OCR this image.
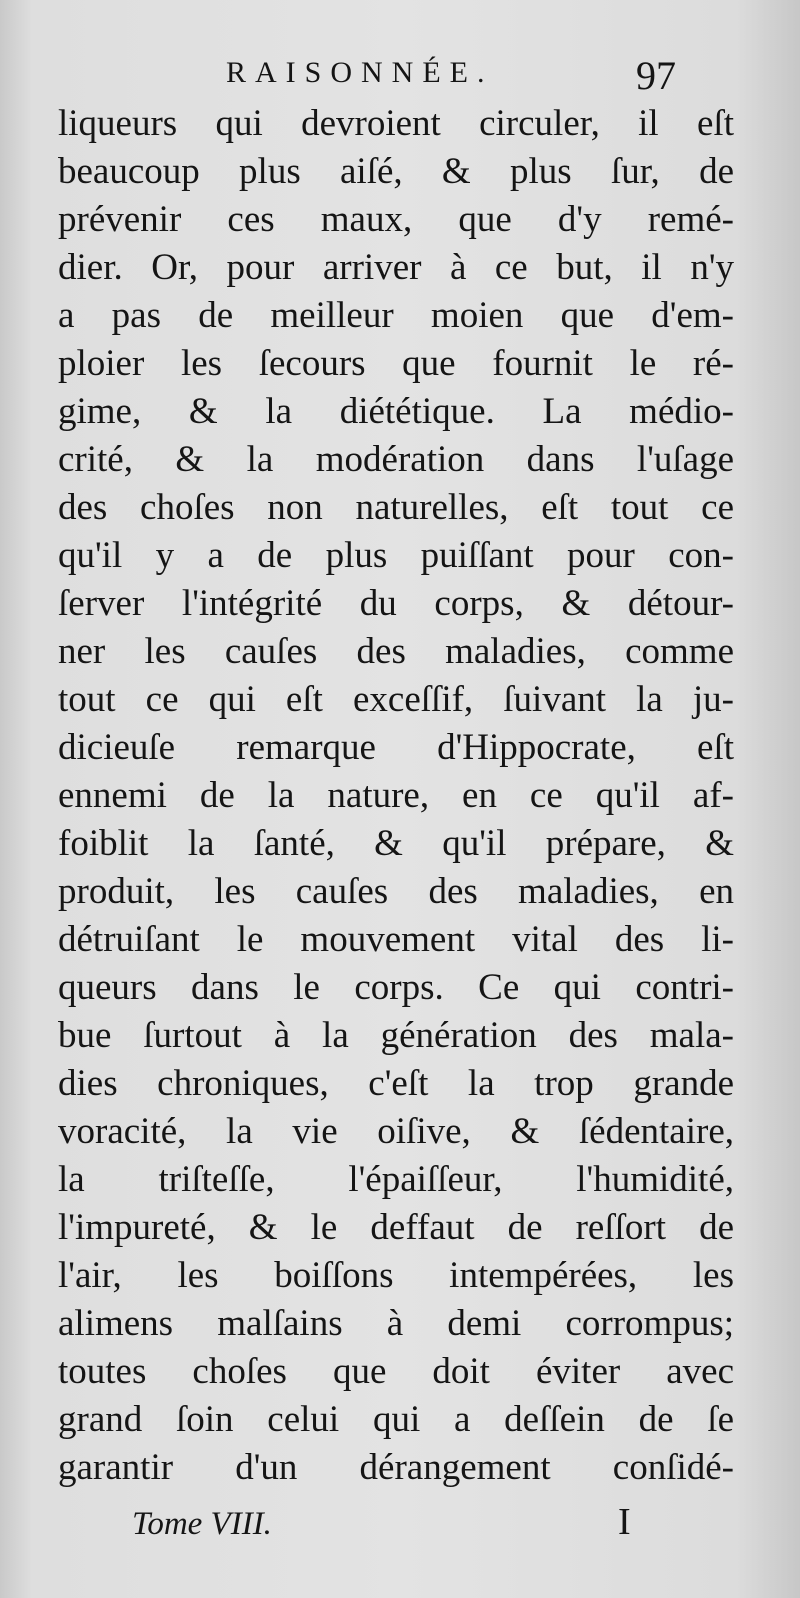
RAISONNÉE.	97
liqueurs qui devroient circuler, il eſt
beaucoup plus aiſé, & plus ſur, de
prévenir ces maux, que d'y remé-
dier. Or, pour arriver à ce but, il n'y
a pas de meilleur moien que d'em-
ploier les ſecours que fournit le ré-
gime, & la diététique. La médio-
crité, & la modération dans l'uſage
des choſes non naturelles, eſt tout ce
qu'il y a de plus puiſſant pour con-
ſerver l'intégrité du corps, & détour-
ner les cauſes des maladies, comme
tout ce qui eſt exceſſif, ſuivant la ju-
dicieuſe remarque d'Hippocrate, eſt
ennemi de la nature, en ce qu'il af-
foiblit la ſanté, & qu'il prépare, &
produit, les cauſes des maladies, en
détruiſant le mouvement vital des li-
queurs dans le corps. Ce qui contri-
bue ſurtout à la génération des mala-
dies chroniques, c'eſt la trop grande
voracité, la vie oiſive, & ſédentaire,
la triſteſſe, l'épaiſſeur, l'humidité,
l'impureté, & le deffaut de reſſort de
l'air, les boiſſons intempérées, les
alimens malſains à demi corrompus;
toutes choſes que doit éviter avec
grand ſoin celui qui a deſſein de ſe
garantir d'un dérangement conſidé-
Tome VIII.	I
